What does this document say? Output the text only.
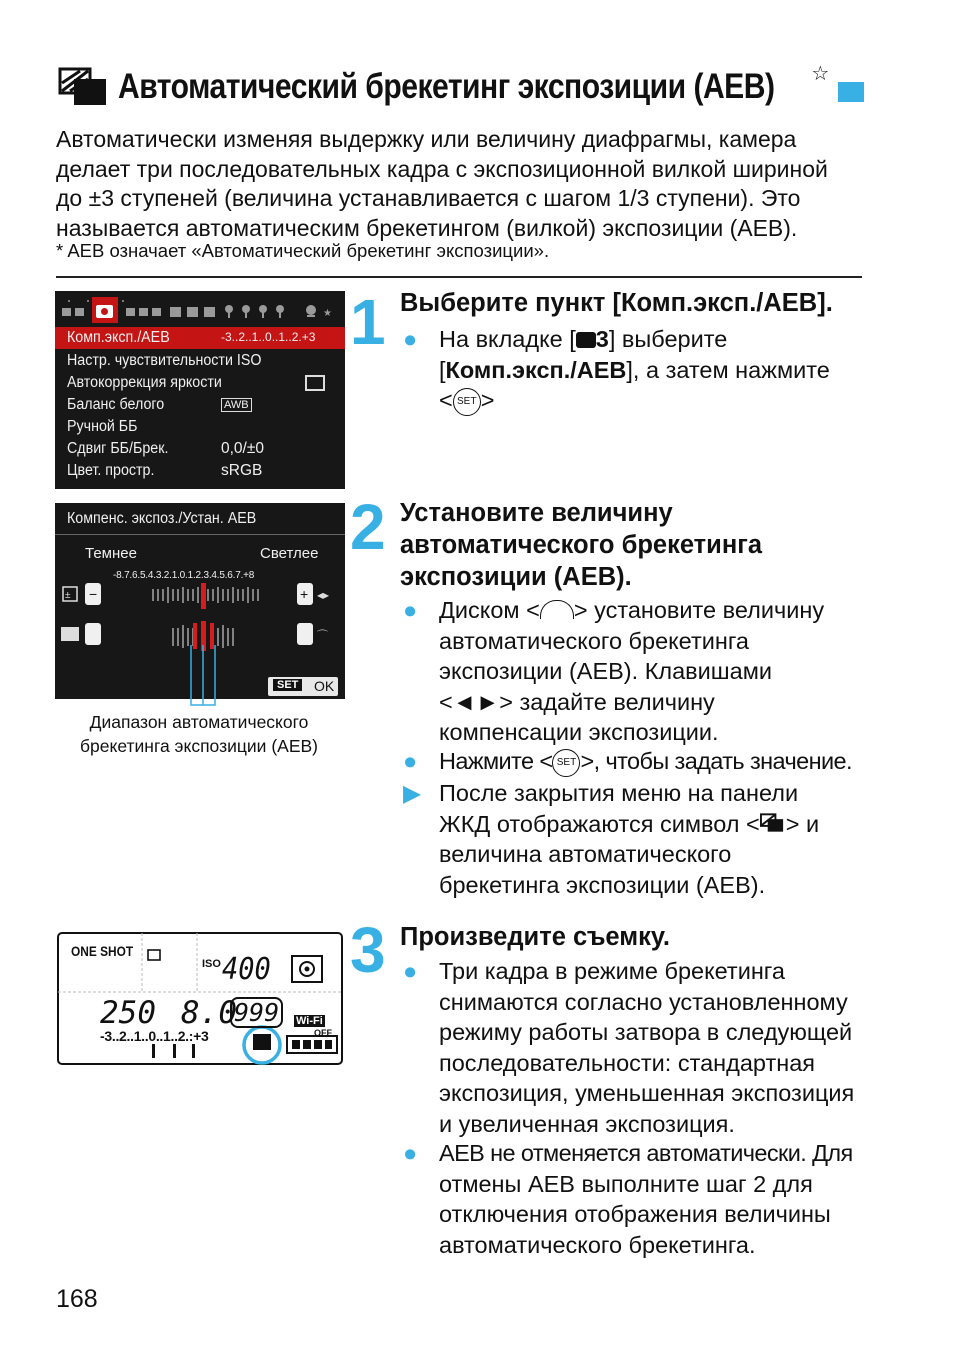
Автоматический брекетинг экспозиции (AEB) ☆
Автоматически изменяя выдержку или величину диафрагмы, камера
делает три последовательных кадра с экспозиционной вилкой шириной
до ±3 ступеней (величина устанавливается с шагом 1/3 ступени). Это
называется автоматическим брекетингом (вилкой) экспозиции (AEB).
* AEB означает «Автоматический брекетинг экспозиции».
★
Комп.эксп./AEB	-3..2..1..0..1..2.+3
Настр. чувствительности ISO
Автокоррекция яркости
Баланс белого	AWB
Ручной ББ
Сдвиг ББ/Брек.	0,0/±0
Цвет. простр.	sRGB
Компенс. экспоз./Устан. AEB
Темнее	Светлее
-8.7.6.5.4.3.2.1.0.1.2.3.4.5.6.7.+8
± −	+ ◂▸
⌒
SET OK
Диапазон автоматического
брекетинга экспозиции (AEB)
ONE SHOT
ISO 400
250 8.0
999	Wi-Fi
OFF
-3..2..1..0..1..2.:+3
1 Выберите пункт [Комп.эксп./AEB].
● На вкладке [ 3] выберите
[Комп.эксп./AEB], а затем нажмите
< SET >
2 Установите величину
автоматического брекетинга
экспозиции (AEB).
● Диском < > установите величину
автоматического брекетинга
экспозиции (AEB). Клавишами
<◄►> задайте величину
компенсации экспозиции.
● Нажмите < SET >, чтобы задать значение.
▶ После закрытия меню на панели
ЖКД отображаются символ < > и
величина автоматического
брекетинга экспозиции (AEB).
3 Произведите съемку.
● Три кадра в режиме брекетинга
снимаются согласно установленному
режиму работы затвора в следующей
последовательности: стандартная
экспозиция, уменьшенная экспозиция
и увеличенная экспозиция.
● AEB не отменяется автоматически. Для
отмены AEB выполните шаг 2 для
отключения отображения величины
автоматического брекетинга.
168
